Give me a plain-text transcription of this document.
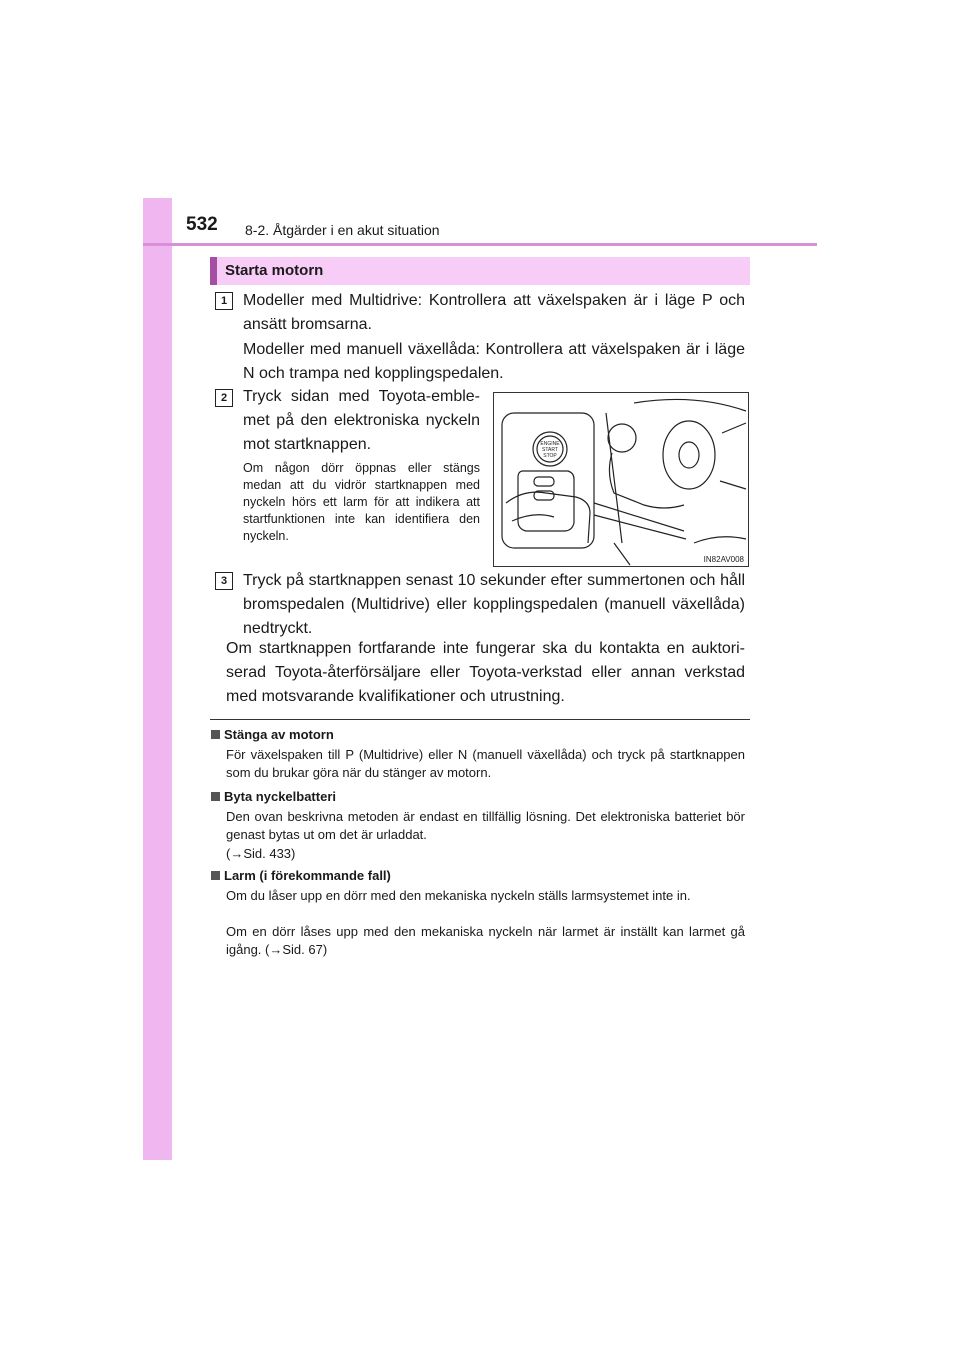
532 8-2. Åtgärder i en akut situation
Starta motorn
1 Modeller med Multidrive: Kontrollera att växelspaken är i läge P och ansätt bromsarna.
Modeller med manuell växellåda: Kontrollera att växelspaken är i läge N och trampa ned kopplingspedalen.
2 Tryck sidan med Toyota-emble-met på den elektroniska nyckeln mot startknappen.
Om någon dörr öppnas eller stängs medan att du vidrör startknappen med nyckeln hörs ett larm för att indikera att startfunktionen inte kan identifiera den nyckeln.
ENGINE
START
STOP
IN82AV008
3 Tryck på startknappen senast 10 sekunder efter summertonen och håll bromspedalen (Multidrive) eller kopplingspedalen (manuell växellåda) nedtryckt.
Om startknappen fortfarande inte fungerar ska du kontakta en auktori-serad Toyota-återförsäljare eller Toyota-verkstad eller annan verkstad med motsvarande kvalifikationer och utrustning.
Stänga av motorn
För växelspaken till P (Multidrive) eller N (manuell växellåda) och tryck på startknappen som du brukar göra när du stänger av motorn.
Byta nyckelbatteri
Den ovan beskrivna metoden är endast en tillfällig lösning. Det elektroniska batteriet bör genast bytas ut om det är urladdat.
(→Sid. 433)
Larm (i förekommande fall)
Om du låser upp en dörr med den mekaniska nyckeln ställs larmsystemet inte in.
Om en dörr låses upp med den mekaniska nyckeln när larmet är inställt kan larmet gå igång. (→Sid. 67)
